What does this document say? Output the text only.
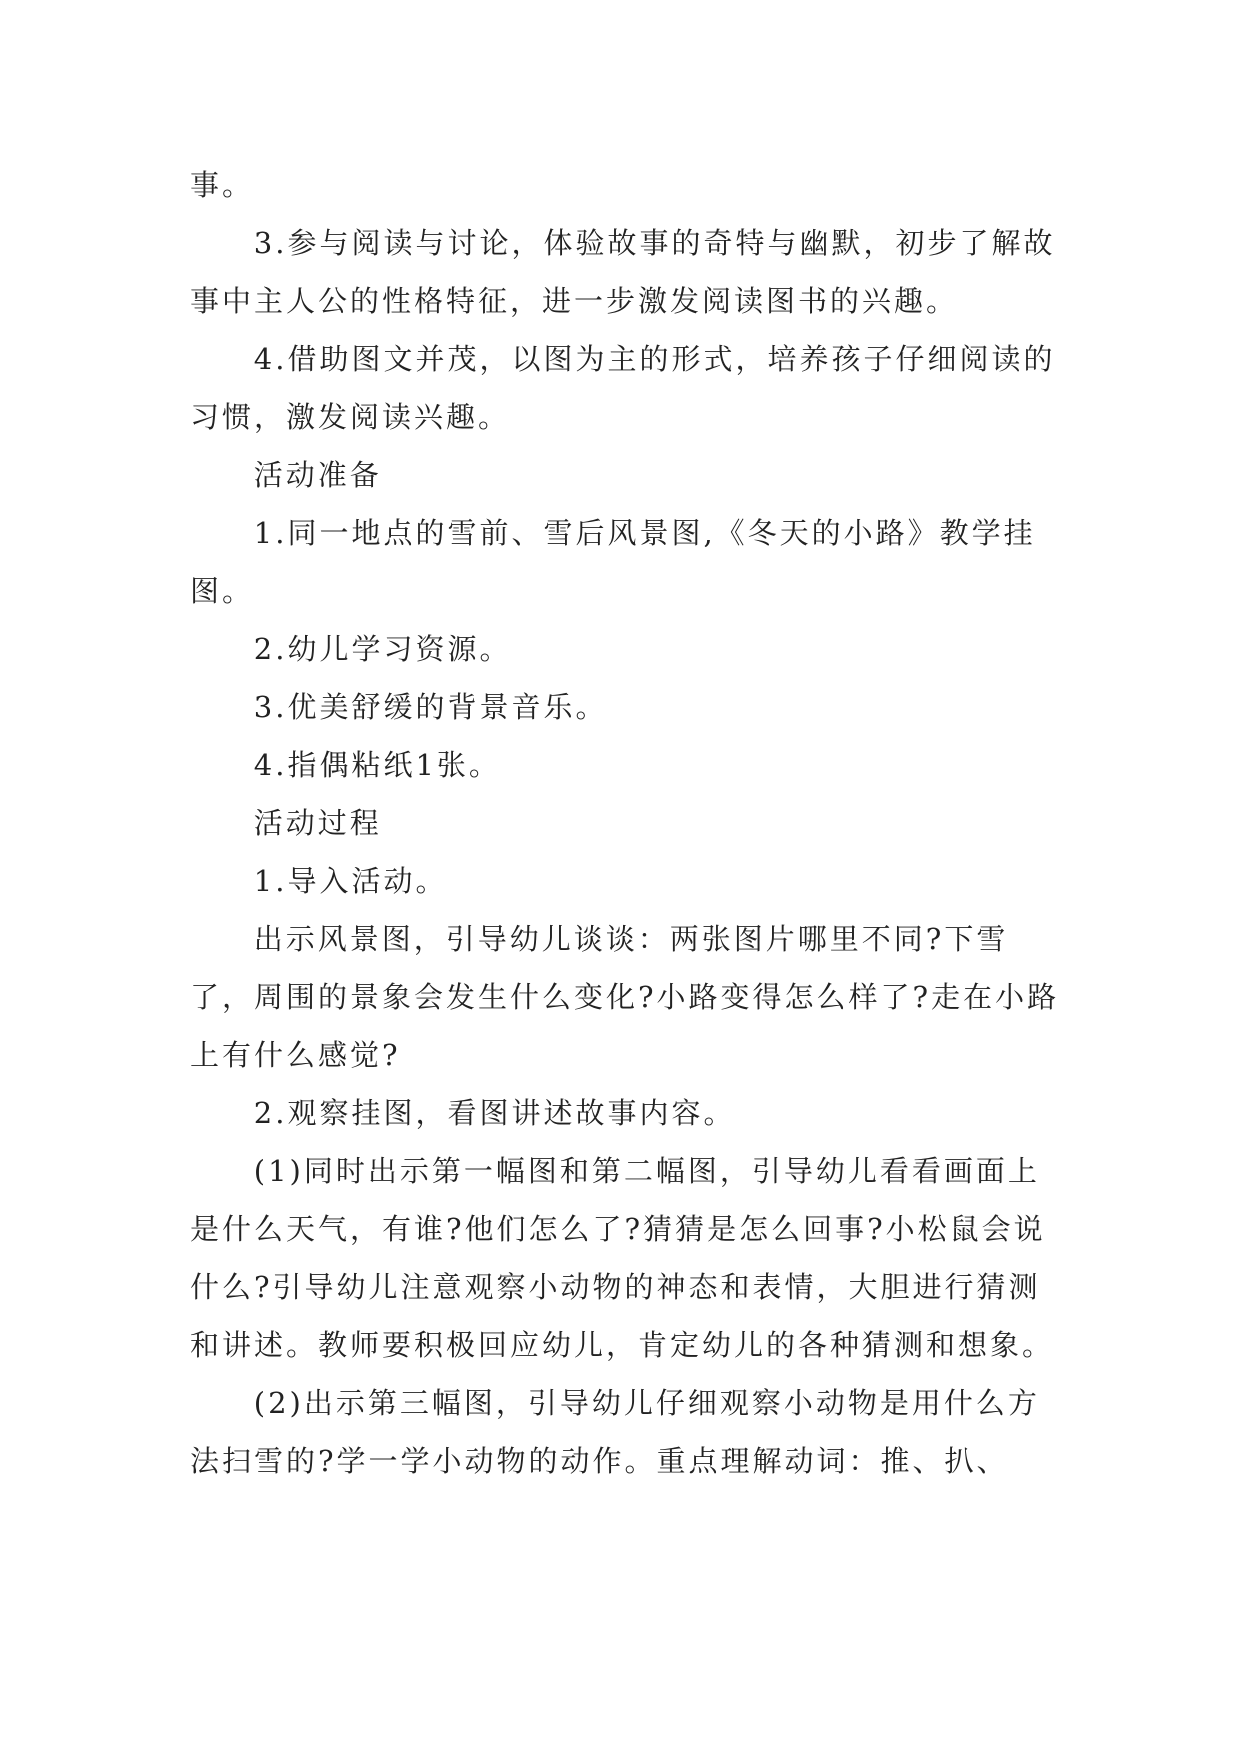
事。

3.参与阅读与讨论，体验故事的奇特与幽默，初步了解故事中主人公的性格特征，进一步激发阅读图书的兴趣。

4.借助图文并茂，以图为主的形式，培养孩子仔细阅读的习惯，激发阅读兴趣。

活动准备

1.同一地点的雪前、雪后风景图,《冬天的小路》教学挂图。

2.幼儿学习资源。

3.优美舒缓的背景音乐。

4.指偶粘纸1张。

活动过程

1.导入活动。

出示风景图，引导幼儿谈谈：两张图片哪里不同?下雪了，周围的景象会发生什么变化?小路变得怎么样了?走在小路上有什么感觉?

2.观察挂图，看图讲述故事内容。

(1)同时出示第一幅图和第二幅图，引导幼儿看看画面上是什么天气，有谁?他们怎么了?猜猜是怎么回事?小松鼠会说什么?引导幼儿注意观察小动物的神态和表情，大胆进行猜测和讲述。教师要积极回应幼儿，肯定幼儿的各种猜测和想象。

(2)出示第三幅图，引导幼儿仔细观察小动物是用什么方法扫雪的?学一学小动物的动作。重点理解动词：推、扒、
